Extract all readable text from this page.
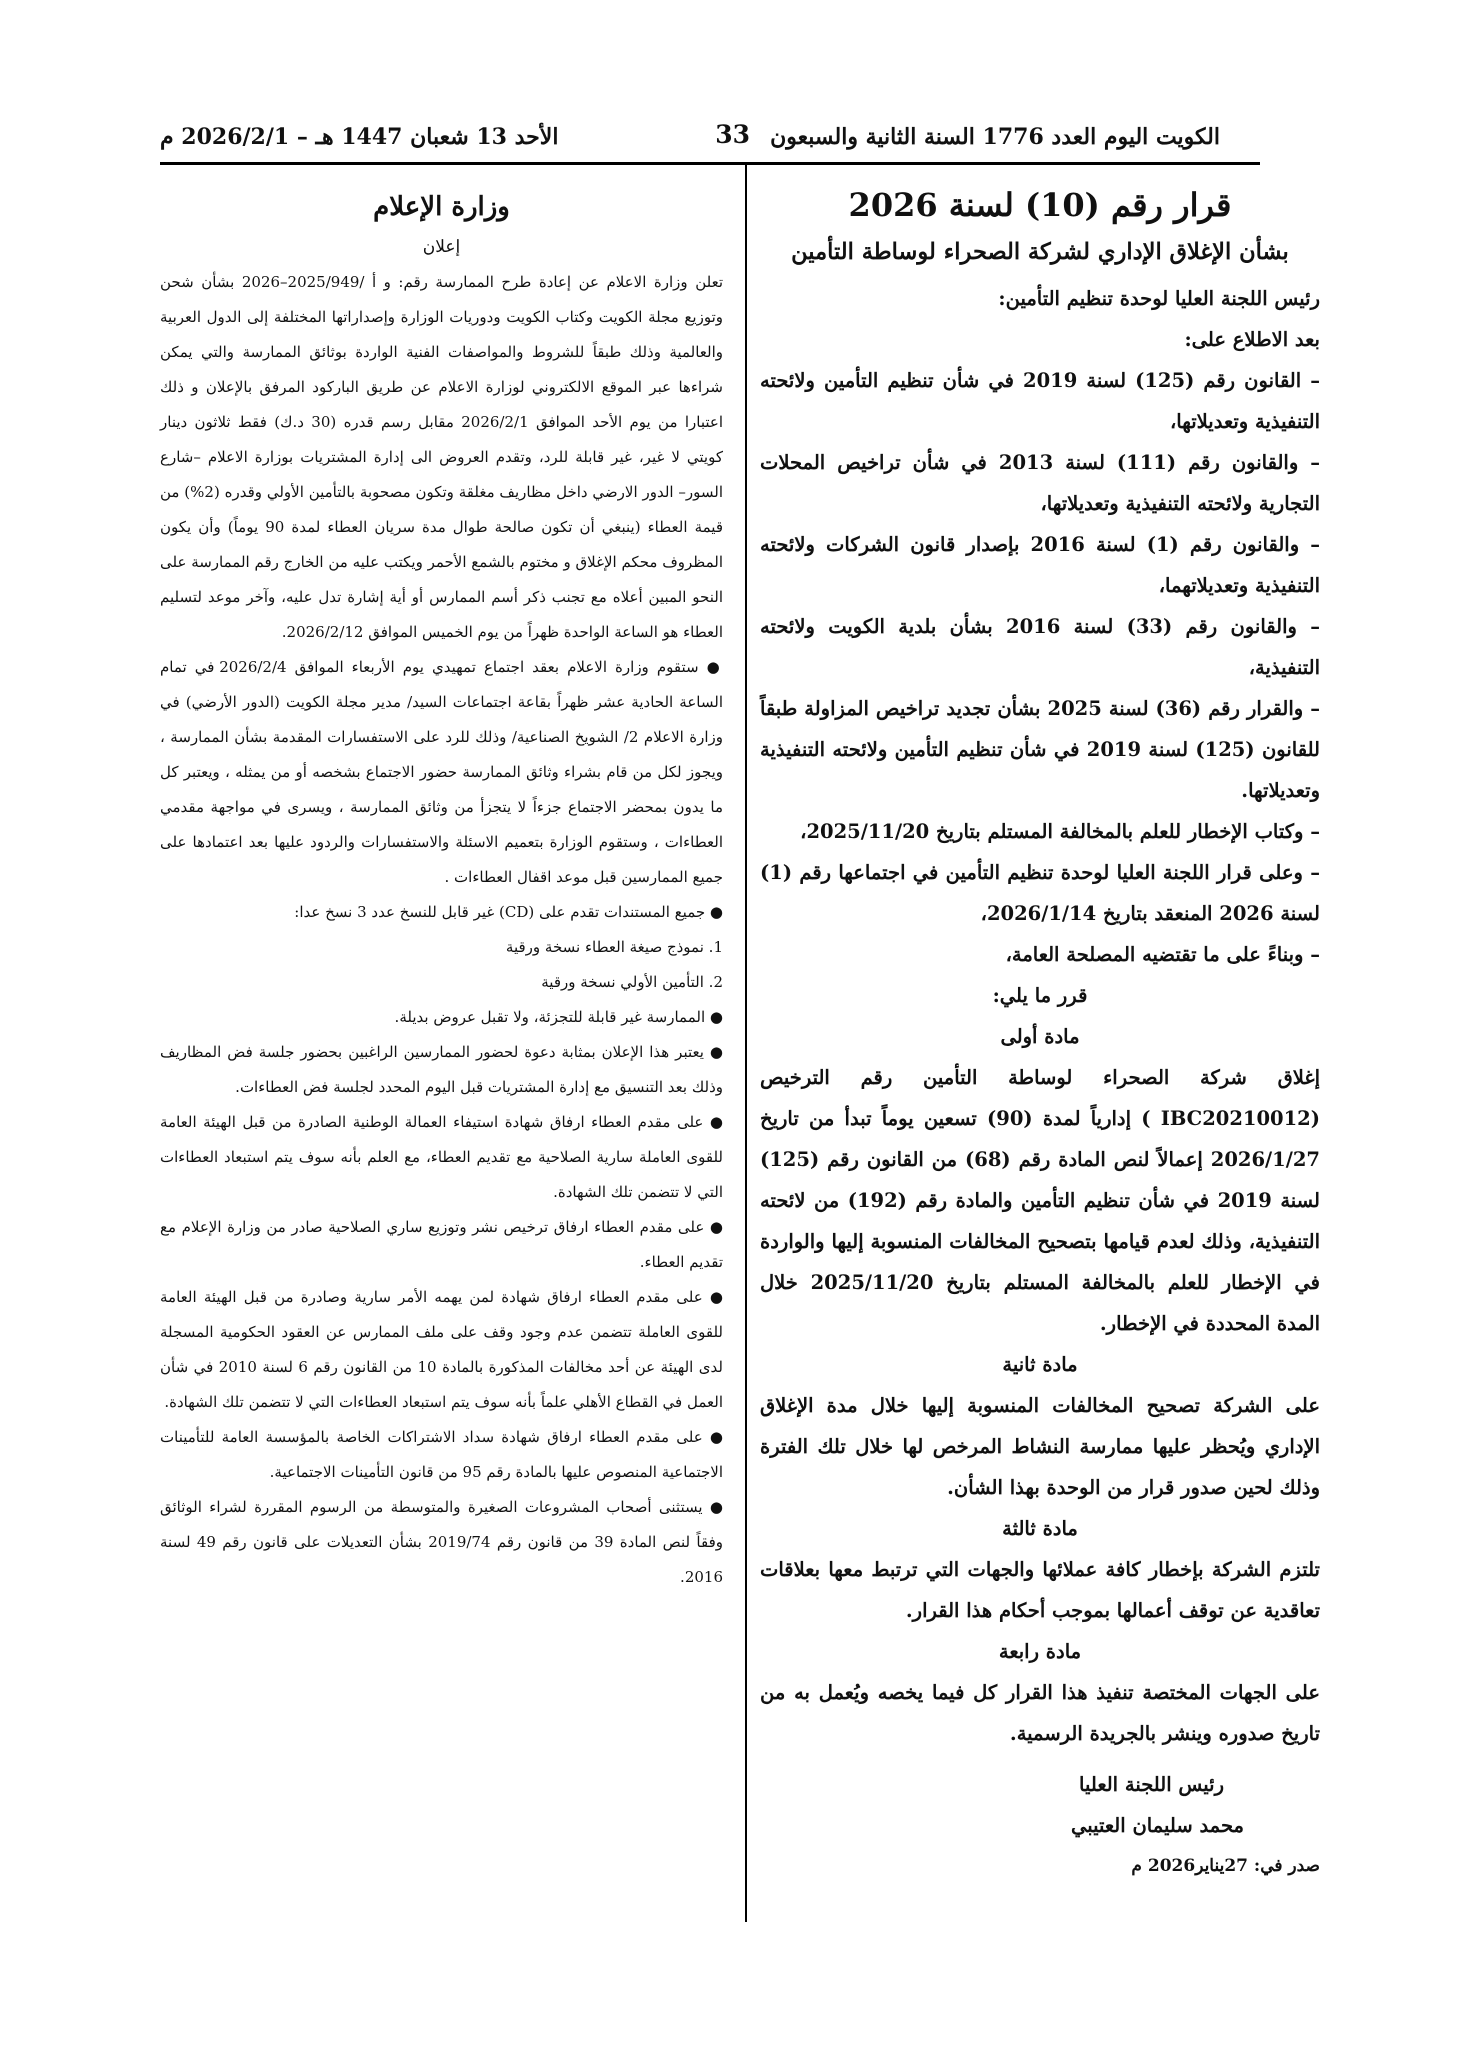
الكويت اليوم العدد 1776 السنة الثانية والسبعون
33
الأحد 13 شعبان 1447 هـ – 2026/2/1 م
قرار رقم (10) لسنة 2026
بشأن الإغلاق الإداري لشركة الصحراء لوساطة التأمين

رئيس اللجنة العليا لوحدة تنظيم التأمين:

بعد الاطلاع على:

– القانون رقم (125) لسنة 2019 في شأن تنظيم التأمين ولائحته التنفيذية وتعديلاتها،

– والقانون رقم (111) لسنة 2013 في شأن تراخيص المحلات التجارية ولائحته التنفيذية وتعديلاتها،

– والقانون رقم (1) لسنة 2016 بإصدار قانون الشركات ولائحته التنفيذية وتعديلاتهما،

– والقانون رقم (33) لسنة 2016 بشأن بلدية الكويت ولائحته التنفيذية،

– والقرار رقم (36) لسنة 2025 بشأن تجديد تراخيص المزاولة طبقاً للقانون (125) لسنة 2019 في شأن تنظيم التأمين ولائحته التنفيذية وتعديلاتها.

– وكتاب الإخطار للعلم بالمخالفة المستلم بتاريخ 2025/11/20،

– وعلى قرار اللجنة العليا لوحدة تنظيم التأمين في اجتماعها رقم (1) لسنة 2026 المنعقد بتاريخ 2026/1/14،

– وبناءً على ما تقتضيه المصلحة العامة،

قرر ما يلي:

مادة أولى

إغلاق شركة الصحراء لوساطة التأمين رقم الترخيص (IBC20210012 ) إدارياً لمدة (90) تسعين يوماً تبدأ من تاريخ 2026/1/27 إعمالاً لنص المادة رقم (68) من القانون رقم (125) لسنة 2019 في شأن تنظيم التأمين والمادة رقم (192) من لائحته التنفيذية، وذلك لعدم قيامها بتصحيح المخالفات المنسوبة إليها والواردة في الإخطار للعلم بالمخالفة المستلم بتاريخ 2025/11/20 خلال المدة المحددة في الإخطار.

مادة ثانية

على الشركة تصحيح المخالفات المنسوبة إليها خلال مدة الإغلاق الإداري ويُحظر عليها ممارسة النشاط المرخص لها خلال تلك الفترة وذلك لحين صدور قرار من الوحدة بهذا الشأن.

مادة ثالثة

تلتزم الشركة بإخطار كافة عملائها والجهات التي ترتبط معها بعلاقات تعاقدية عن توقف أعمالها بموجب أحكام هذا القرار.

مادة رابعة

على الجهات المختصة تنفيذ هذا القرار كل فيما يخصه ويُعمل به من تاريخ صدوره وينشر بالجريدة الرسمية.

رئيس اللجنة العليا

محمد سليمان العتيبي

صدر في: 27يناير2026 م

وزارة الإعلام

إعلان

تعلن وزارة الاعلام عن إعادة طرح الممارسة رقم: و أ /2025/949–2026 بشأن شحن وتوزيع مجلة الكويت وكتاب الكويت ودوريات الوزارة وإصداراتها المختلفة إلى الدول العربية والعالمية وذلك طبقاً للشروط والمواصفات الفنية الواردة بوثائق الممارسة والتي يمكن شراءها عبر الموقع الالكتروني لوزارة الاعلام عن طريق الباركود المرفق بالإعلان و ذلك اعتبارا من يوم الأحد الموافق 2026/2/1 مقابل رسم قدره (30 د.ك) فقط ثلاثون دينار كويتي لا غير، غير قابلة للرد، وتقدم العروض الى إدارة المشتريات بوزارة الاعلام –شارع السور– الدور الارضي داخل مظاريف مغلقة وتكون مصحوبة بالتأمين الأولي وقدره (2%) من قيمة العطاء (ينبغي أن تكون صالحة طوال مدة سريان العطاء لمدة 90 يوماً) وأن يكون المظروف محكم الإغلاق و مختوم بالشمع الأحمر ويكتب عليه من الخارج رقم الممارسة على النحو المبين أعلاه مع تجنب ذكر أسم الممارس أو أية إشارة تدل عليه، وآخر موعد لتسليم العطاء هو الساعة الواحدة ظهراً من يوم الخميس الموافق 2026/2/12.

● ستقوم وزارة الاعلام بعقد اجتماع تمهيدي يوم الأربعاء الموافق 2026/2/4 في تمام الساعة الحادية عشر ظهراً بقاعة اجتماعات السيد/ مدير مجلة الكويت (الدور الأرضي) في وزارة الاعلام 2/ الشويخ الصناعية/ وذلك للرد على الاستفسارات المقدمة بشأن الممارسة ، ويجوز لكل من قام بشراء وثائق الممارسة حضور الاجتماع بشخصه أو من يمثله ، ويعتبر كل ما يدون بمحضر الاجتماع جزءاً لا يتجزأ من وثائق الممارسة ، ويسرى في مواجهة مقدمي العطاءات ، وستقوم الوزارة بتعميم الاسئلة والاستفسارات والردود عليها بعد اعتمادها على جميع الممارسين قبل موعد اقفال العطاءات .

● جميع المستندات تقدم على (CD) غير قابل للنسخ عدد 3 نسخ عدا:

1. نموذج صيغة العطاء نسخة ورقية

2. التأمين الأولي نسخة ورقية

● الممارسة غير قابلة للتجزئة، ولا تقبل عروض بديلة.

● يعتبر هذا الإعلان بمثابة دعوة لحضور الممارسين الراغبين بحضور جلسة فض المظاريف وذلك بعد التنسيق مع إدارة المشتريات قبل اليوم المحدد لجلسة فض العطاءات.

● على مقدم العطاء ارفاق شهادة استيفاء العمالة الوطنية الصادرة من قبل الهيئة العامة للقوى العاملة سارية الصلاحية مع تقديم العطاء، مع العلم بأنه سوف يتم استبعاد العطاءات التي لا تتضمن تلك الشهادة.

● على مقدم العطاء ارفاق ترخيص نشر وتوزيع ساري الصلاحية صادر من وزارة الإعلام مع تقديم العطاء.

● على مقدم العطاء ارفاق شهادة لمن يهمه الأمر سارية وصادرة من قبل الهيئة العامة للقوى العاملة تتضمن عدم وجود وقف على ملف الممارس عن العقود الحكومية المسجلة لدى الهيئة عن أحد مخالفات المذكورة بالمادة 10 من القانون رقم 6 لسنة 2010 في شأن العمل في القطاع الأهلي علماً بأنه سوف يتم استبعاد العطاءات التي لا تتضمن تلك الشهادة.

● على مقدم العطاء ارفاق شهادة سداد الاشتراكات الخاصة بالمؤسسة العامة للتأمينات الاجتماعية المنصوص عليها بالمادة رقم 95 من قانون التأمينات الاجتماعية.

● يستثنى أصحاب المشروعات الصغيرة والمتوسطة من الرسوم المقررة لشراء الوثائق وفقاً لنص المادة 39 من قانون رقم 2019/74 بشأن التعديلات على قانون رقم 49 لسنة 2016.
